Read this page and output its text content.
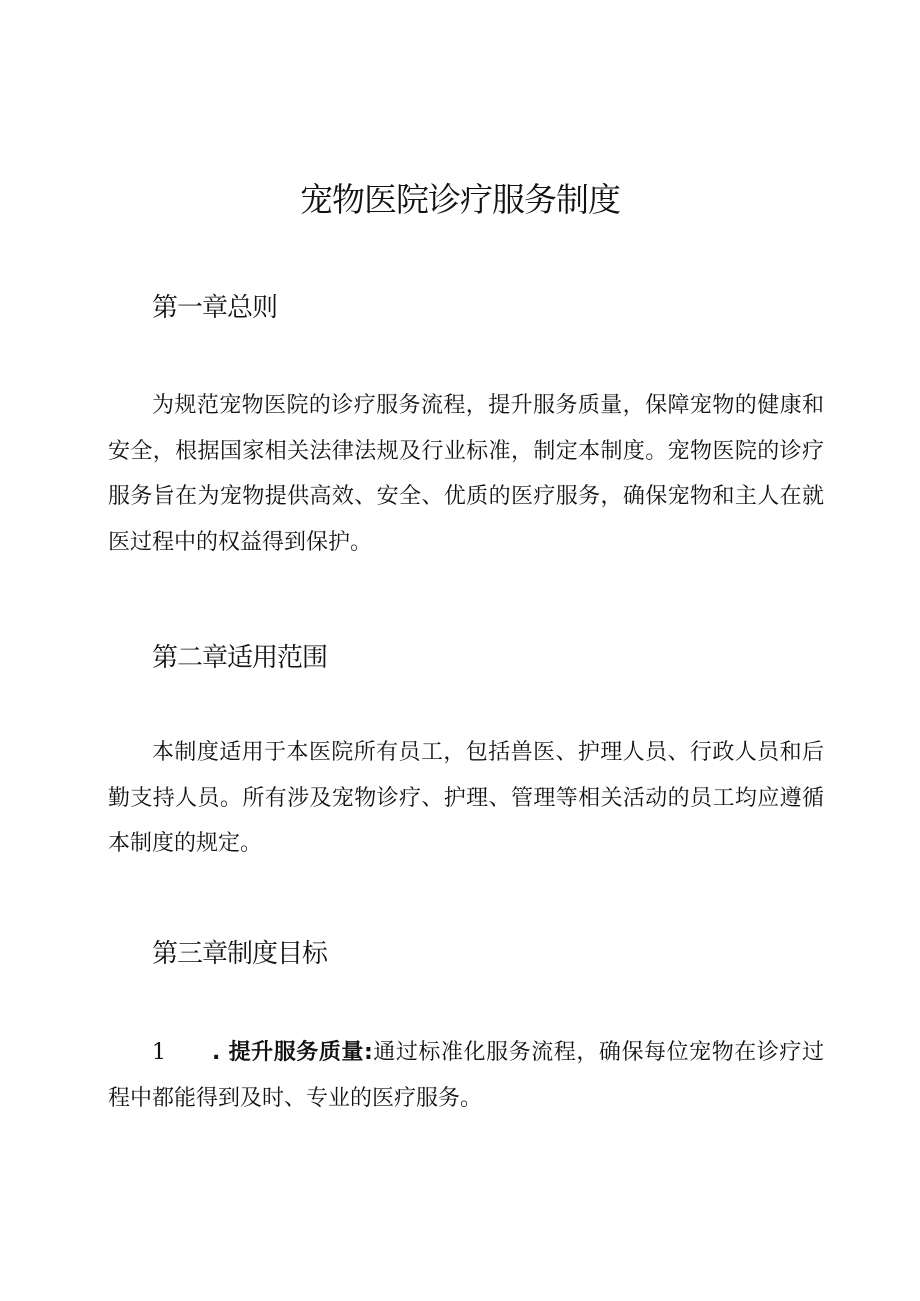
宠物医院诊疗服务制度
第一章总则

为规范宠物医院的诊疗服务流程，提升服务质量，保障宠物的健康和安全，根据国家相关法律法规及行业标准，制定本制度。宠物医院的诊疗服务旨在为宠物提供高效、安全、优质的医疗服务，确保宠物和主人在就医过程中的权益得到保护。

第二章适用范围

本制度适用于本医院所有员工，包括兽医、护理人员、行政人员和后勤支持人员。所有涉及宠物诊疗、护理、管理等相关活动的员工均应遵循本制度的规定。

第三章制度目标
1 . 提升服务质量:通过标准化服务流程，确保每位宠物在诊疗过程中都能得到及时、专业的医疗服务。
